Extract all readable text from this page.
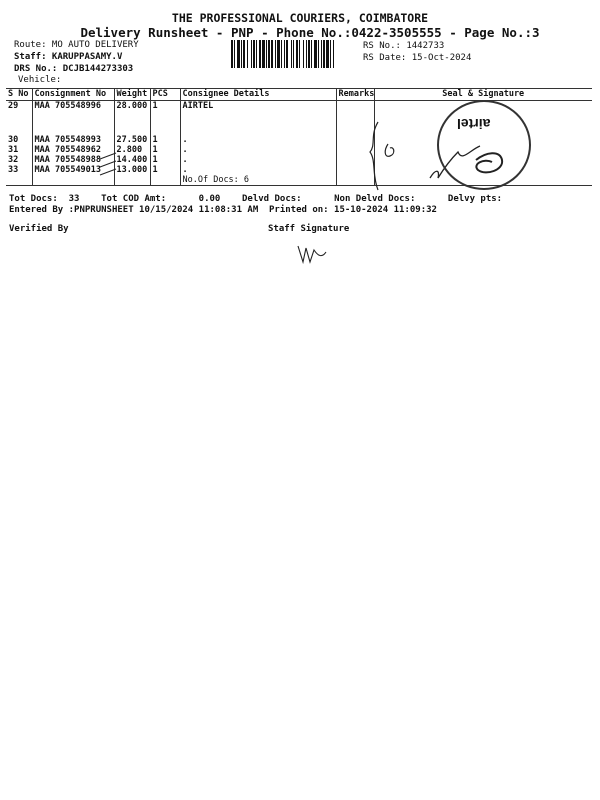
THE PROFESSIONAL COURIERS, COIMBATORE
Delivery Runsheet - PNP - Phone No.:0422-3505555 - Page No.:3
Route: MO AUTO DELIVERY
Staff: KARUPPASAMY.V
DRS No.: DCJB144273303
Vehicle:
RS No.: 1442733
RS Date: 15-Oct-2024
S No	Consignment No	Weight	PCS	Consignee Details	Remarks	Seal & Signature
29	MAA 705548996	28.000	1	AIRTEL		

30	MAA 705548993	27.500	1	.		
31	MAA 705548962	2.800	1	.		
32	MAA 705548988	14.400	1	.		
33	MAA 705549013	13.000	1	.		
				No.Of Docs: 6		
airtel
Tot Docs:  33    Tot COD Amt:      0.00    Delvd Docs:      Non Delvd Docs:      Delvy pts:
Entered By :PNPRUNSHEET 10/15/2024 11:08:31 AM Printed on: 15-10-2024 11:09:32
Verified By	Staff Signature
